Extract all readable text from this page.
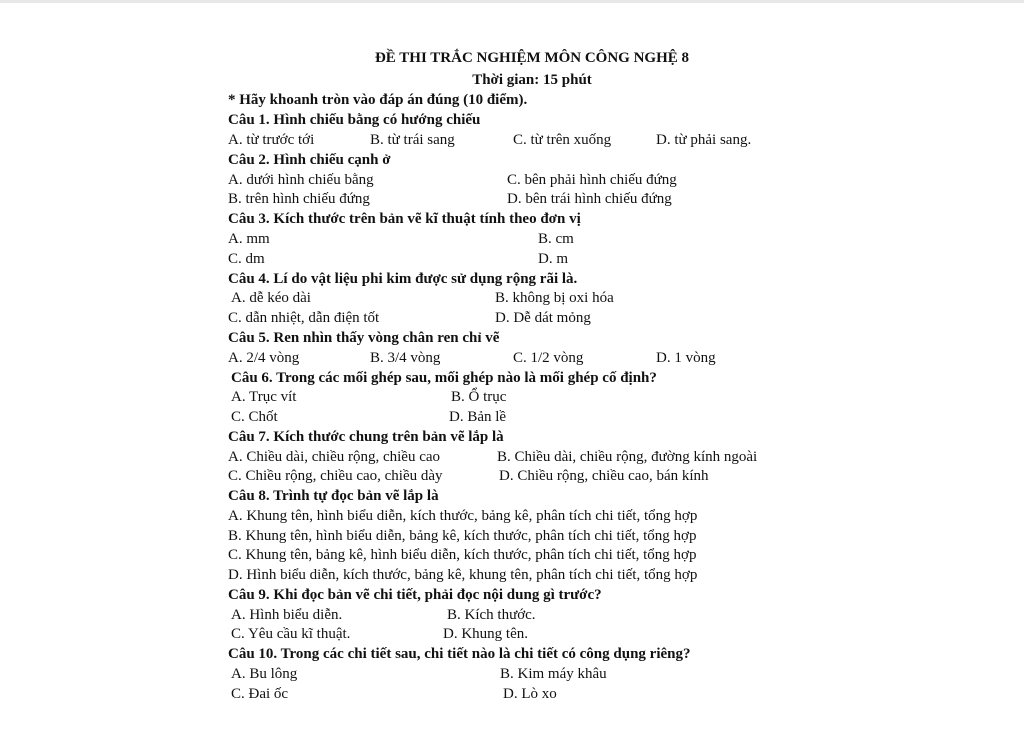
ĐỀ THI TRẮC NGHIỆM MÔN CÔNG NGHỆ 8
Thời gian: 15 phút
* Hãy khoanh tròn vào đáp án đúng (10 điểm).
Câu 1. Hình chiếu bằng có hướng chiếu
A. từ trước tới	B. từ trái sang	C. từ trên xuống	D. từ phải sang.
Câu 2. Hình chiếu cạnh ở
A. dưới hình chiếu bằng	C. bên phải hình chiếu đứng
B. trên hình chiếu đứng	D. bên trái hình chiếu đứng
Câu 3. Kích thước trên bản vẽ kĩ thuật tính theo đơn vị
A. mm	B. cm
C. dm	D. m
Câu 4. Lí do vật liệu phi kim được sử dụng rộng rãi là.
A. dễ kéo dài	B. không bị oxi hóa
C. dẫn nhiệt, dẫn điện tốt	D. Dễ dát mỏng
Câu 5. Ren nhìn thấy vòng chân ren chỉ vẽ
A. 2/4 vòng	B. 3/4 vòng	C. 1/2 vòng	D. 1 vòng
Câu 6. Trong các mối ghép sau, mối ghép nào là mối ghép cố định?
A. Trục vít	B. Ổ trục
C. Chốt	D. Bản lề
Câu 7. Kích thước chung trên bản vẽ lắp là
A. Chiều dài, chiều rộng, chiều cao	B. Chiều dài, chiều rộng, đường kính ngoài
C. Chiều rộng, chiều cao, chiều dày	D. Chiều rộng, chiều cao, bán kính
Câu 8. Trình tự đọc bản vẽ lắp là
A. Khung tên, hình biểu diễn, kích thước, bảng kê, phân tích chi tiết, tổng hợp
B. Khung tên, hình biểu diễn, bảng kê, kích thước, phân tích chi tiết, tổng hợp
C. Khung tên, bảng kê, hình biểu diễn, kích thước, phân tích chi tiết, tổng hợp
D. Hình biểu diễn, kích thước, bảng kê, khung tên, phân tích chi tiết, tổng hợp
Câu 9. Khi đọc bản vẽ chi tiết, phải đọc nội dung gì trước?
A. Hình biểu diễn.	B. Kích thước.
C. Yêu cầu kĩ thuật.	D. Khung tên.
Câu 10. Trong các chi tiết sau, chi tiết nào là chi tiết có công dụng riêng?
A. Bu lông	B. Kim máy khâu
C. Đai ốc	D. Lò xo
